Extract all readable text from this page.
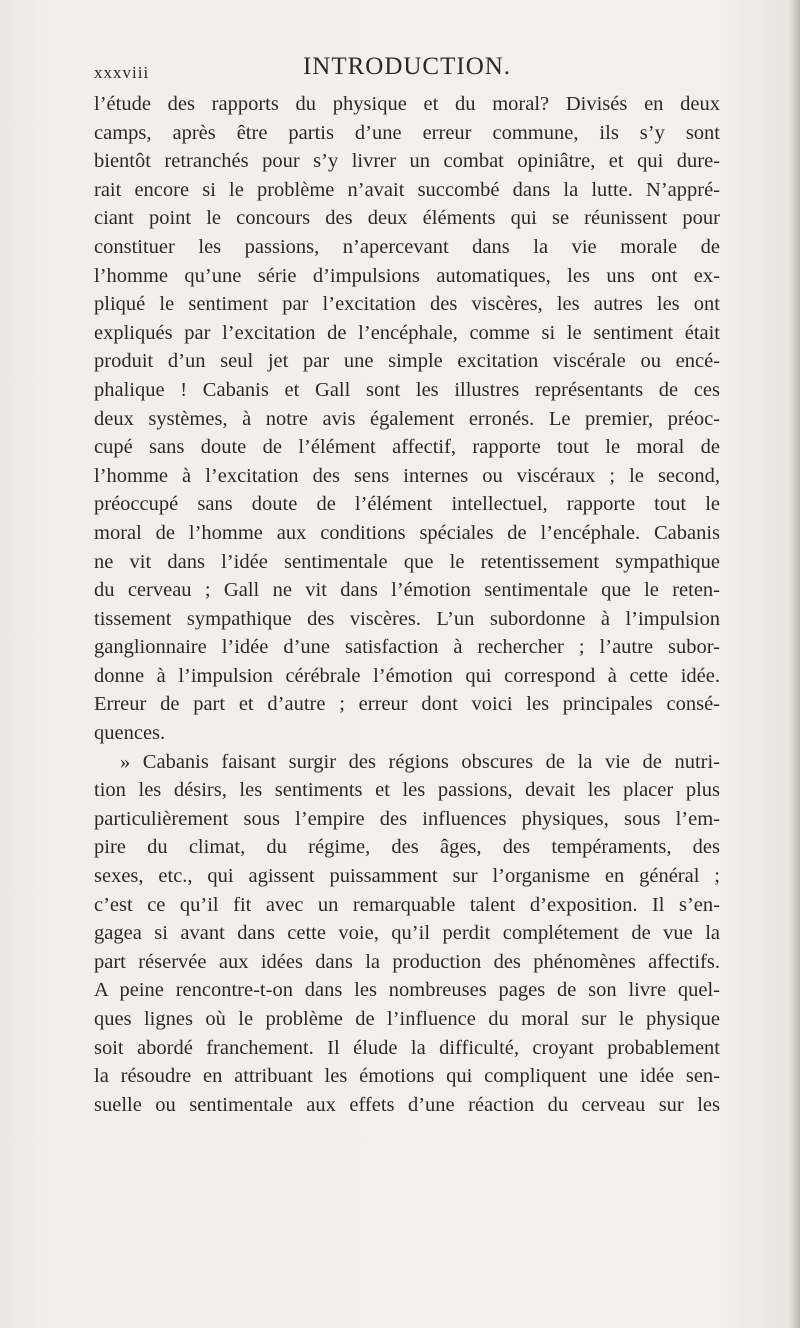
xxxviii	INTRODUCTION.
l’étude des rapports du physique et du moral? Divisés en deux
camps, après être partis d’une erreur commune, ils s’y sont
bientôt retranchés pour s’y livrer un combat opiniâtre, et qui dure-
rait encore si le problème n’avait succombé dans la lutte. N’appré-
ciant point le concours des deux éléments qui se réunissent pour
constituer les passions, n’apercevant dans la vie morale de
l’homme qu’une série d’impulsions automatiques, les uns ont ex-
pliqué le sentiment par l’excitation des viscères, les autres les ont
expliqués par l’excitation de l’encéphale, comme si le sentiment était
produit d’un seul jet par une simple excitation viscérale ou encé-
phalique ! Cabanis et Gall sont les illustres représentants de ces
deux systèmes, à notre avis également erronés. Le premier, préoc-
cupé sans doute de l’élément affectif, rapporte tout le moral de
l’homme à l’excitation des sens internes ou viscéraux ; le second,
préoccupé sans doute de l’élément intellectuel, rapporte tout le
moral de l’homme aux conditions spéciales de l’encéphale. Cabanis
ne vit dans l’idée sentimentale que le retentissement sympathique
du cerveau ; Gall ne vit dans l’émotion sentimentale que le reten-
tissement sympathique des viscères. L’un subordonne à l’impulsion
ganglionnaire l’idée d’une satisfaction à rechercher ; l’autre subor-
donne à l’impulsion cérébrale l’émotion qui correspond à cette idée.
Erreur de part et d’autre ; erreur dont voici les principales consé-
quences.
» Cabanis faisant surgir des régions obscures de la vie de nutri-
tion les désirs, les sentiments et les passions, devait les placer plus
particulièrement sous l’empire des influences physiques, sous l’em-
pire du climat, du régime, des âges, des tempéraments, des
sexes, etc., qui agissent puissamment sur l’organisme en général ;
c’est ce qu’il fit avec un remarquable talent d’exposition. Il s’en-
gagea si avant dans cette voie, qu’il perdit complétement de vue la
part réservée aux idées dans la production des phénomènes affectifs.
A peine rencontre-t-on dans les nombreuses pages de son livre quel-
ques lignes où le problème de l’influence du moral sur le physique
soit abordé franchement. Il élude la difficulté, croyant probablement
la résoudre en attribuant les émotions qui compliquent une idée sen-
suelle ou sentimentale aux effets d’une réaction du cerveau sur les
